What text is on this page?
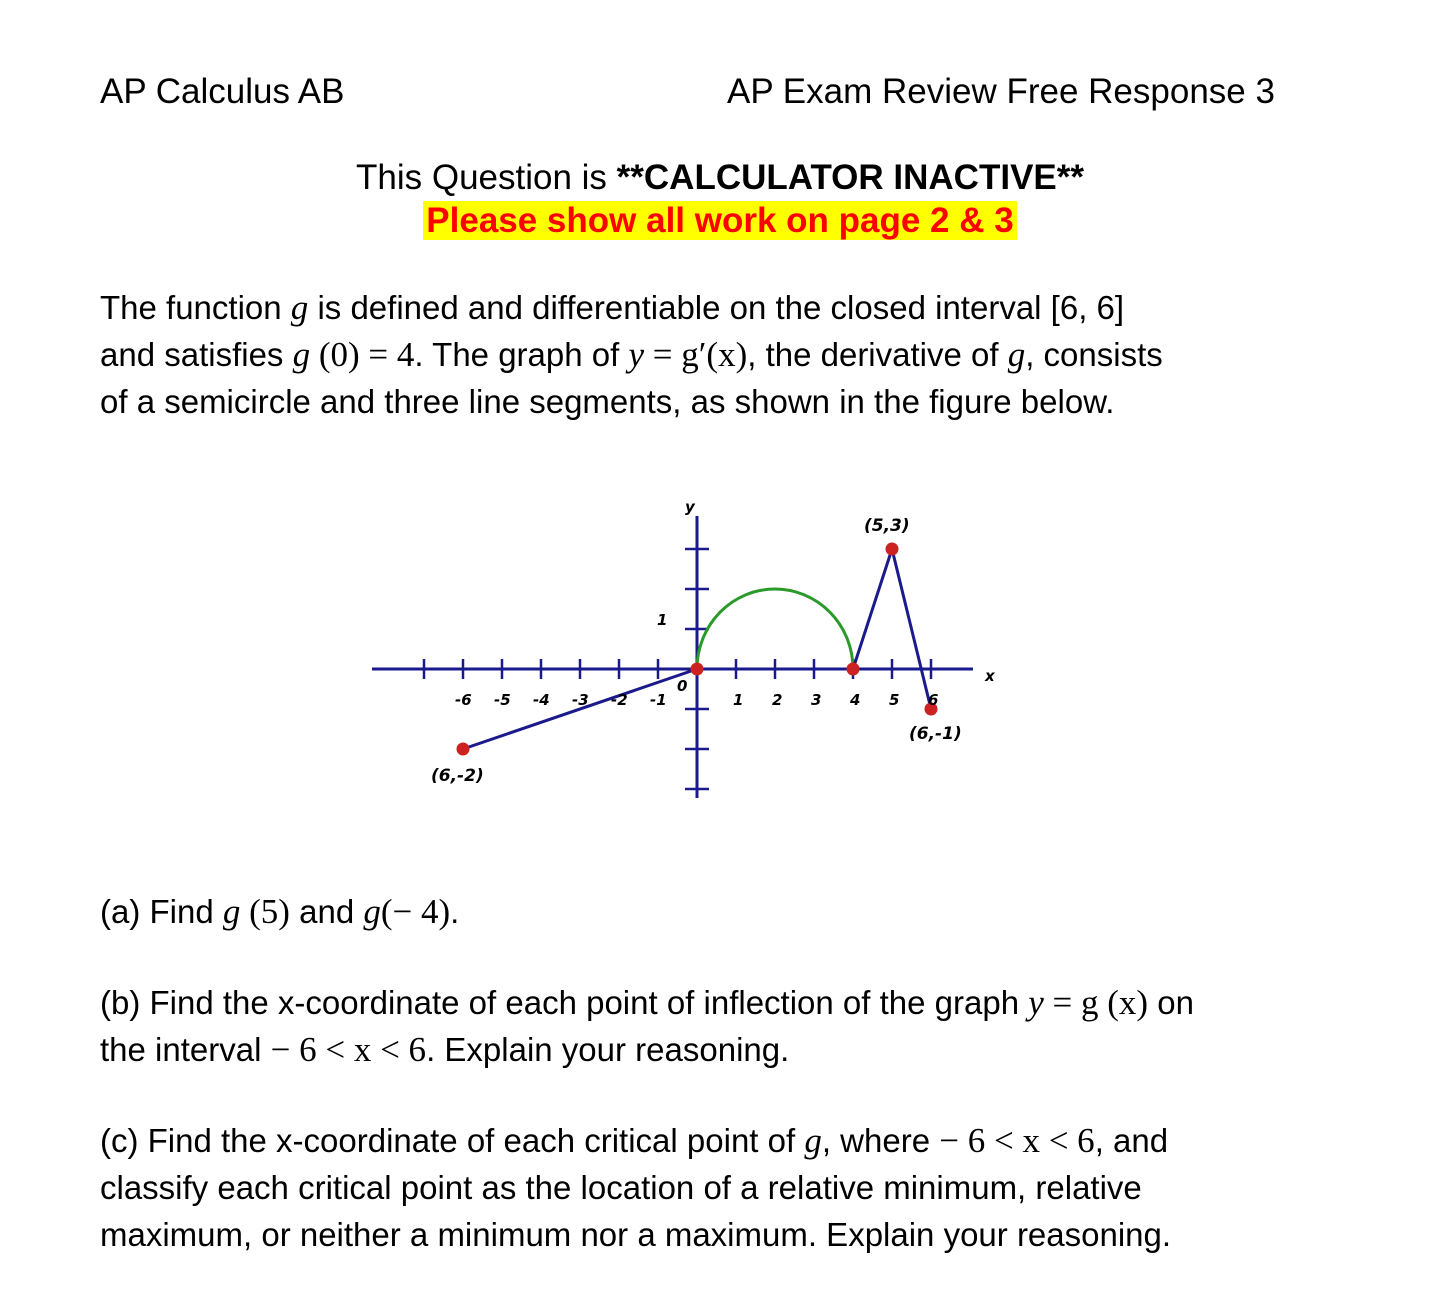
AP Calculus AB	AP Exam Review Free Response 3
This Question is **CALCULATOR INACTIVE**
Please show all work on page 2 & 3
The function g is defined and differentiable on the closed interval [6, 6]
and satisfies g (0) = 4. The graph of y = g′(x), the derivative of g, consists
of a semicircle and three line segments, as shown in the figure below.
-6 -5 -4 -3 -2 -1
0
1 2 3 4 5 6
1
x
y
(6,-2)
(5,3)
(6,-1)
(a) Find g (5) and g(− 4).
(b) Find the x-coordinate of each point of inflection of the graph y = g (x) on
the interval − 6 < x < 6. Explain your reasoning.
(c) Find the x-coordinate of each critical point of g, where − 6 < x < 6, and
classify each critical point as the location of a relative minimum, relative
maximum, or neither a minimum nor a maximum. Explain your reasoning.
